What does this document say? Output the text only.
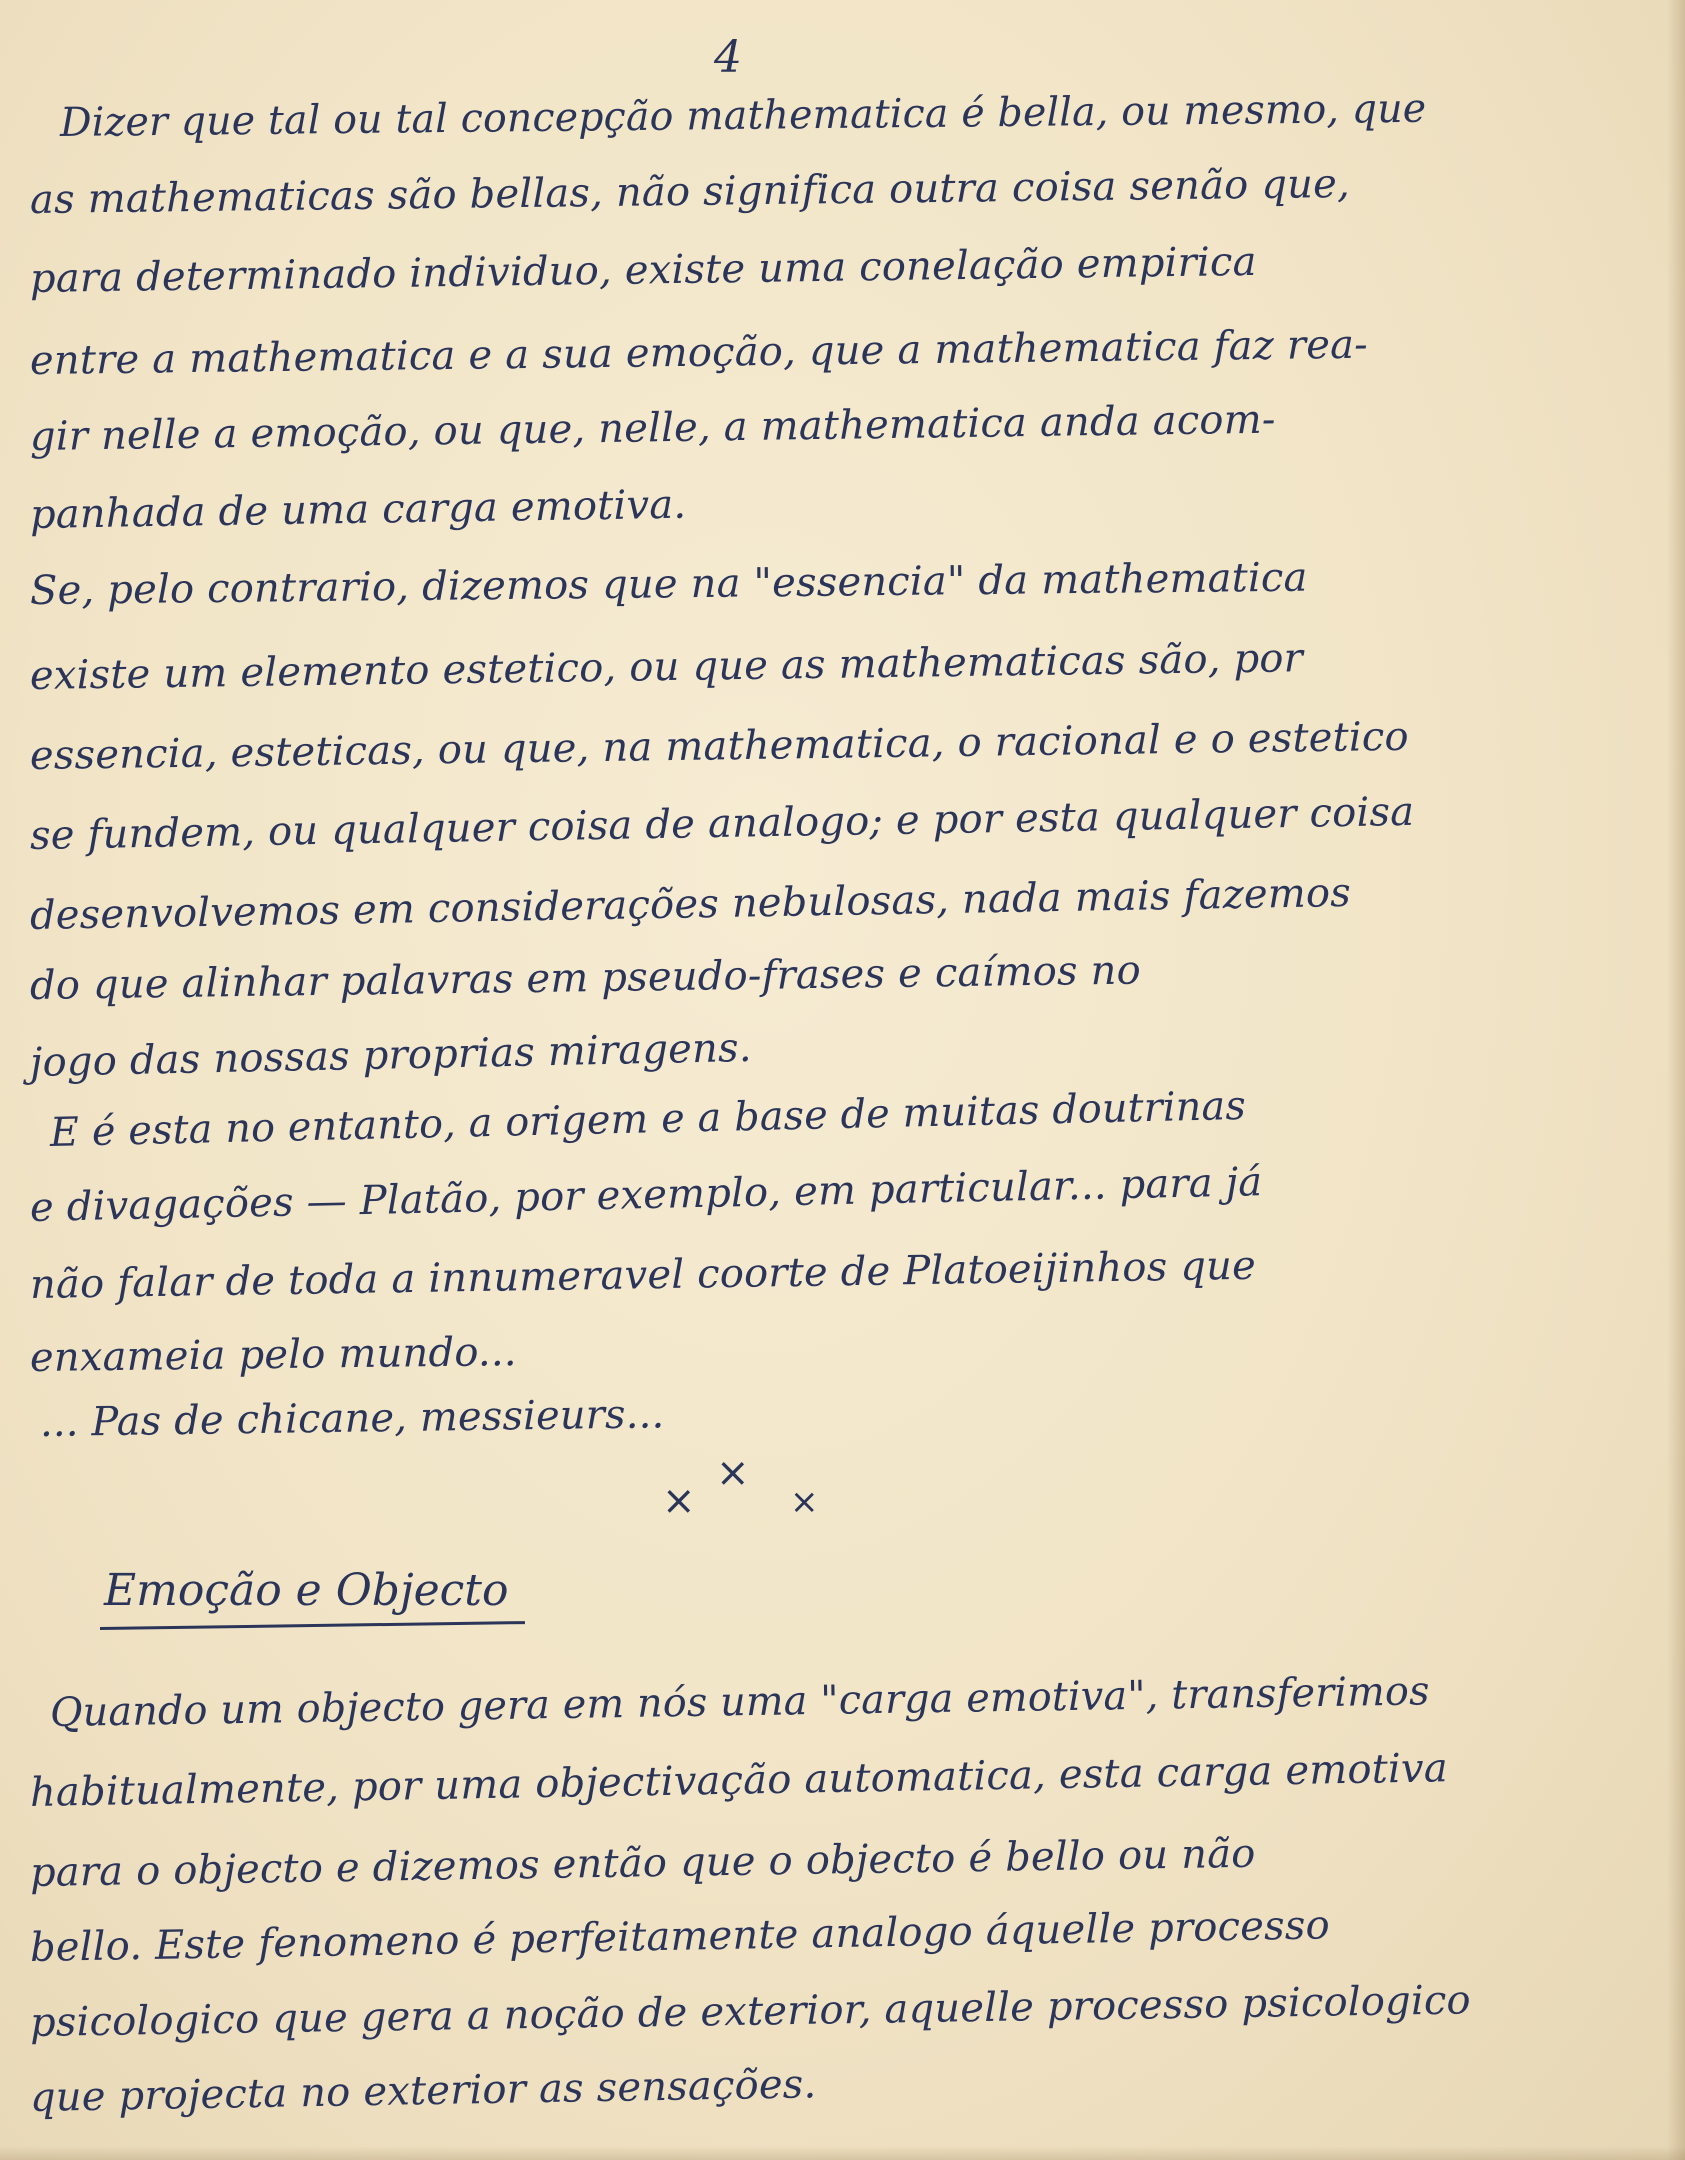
4
Dizer que tal ou tal concepção mathematica é bella, ou mesmo, que
as mathematicas são bellas, não significa outra coisa senão que,
para determinado individuo, existe uma conelação empirica
entre a mathematica e a sua emoção, que a mathematica faz rea-
gir nelle a emoção, ou que, nelle, a mathematica anda acom-
panhada de uma carga emotiva.
Se, pelo contrario, dizemos que na "essencia" da mathematica
existe um elemento estetico, ou que as mathematicas são, por
essencia, esteticas, ou que, na mathematica, o racional e o estetico
se fundem, ou qualquer coisa de analogo; e por esta qualquer coisa
desenvolvemos em considerações nebulosas, nada mais fazemos
do que alinhar palavras em pseudo-frases e caímos no
jogo das nossas proprias miragens.
E é esta no entanto, a origem e a base de muitas doutrinas
e divagações — Platão, por exemplo, em particular... para já
não falar de toda a innumeravel coorte de Platoeijinhos que
enxameia pelo mundo...
... Pas de chicane, messieurs...
×
×
×
Emoção e Objecto
Quando um objecto gera em nós uma "carga emotiva", transferimos
habitualmente, por uma objectivação automatica, esta carga emotiva
para o objecto e dizemos então que o objecto é bello ou não
bello. Este fenomeno é perfeitamente analogo áquelle processo
psicologico que gera a noção de exterior, aquelle processo psicologico
que projecta no exterior as sensações.
